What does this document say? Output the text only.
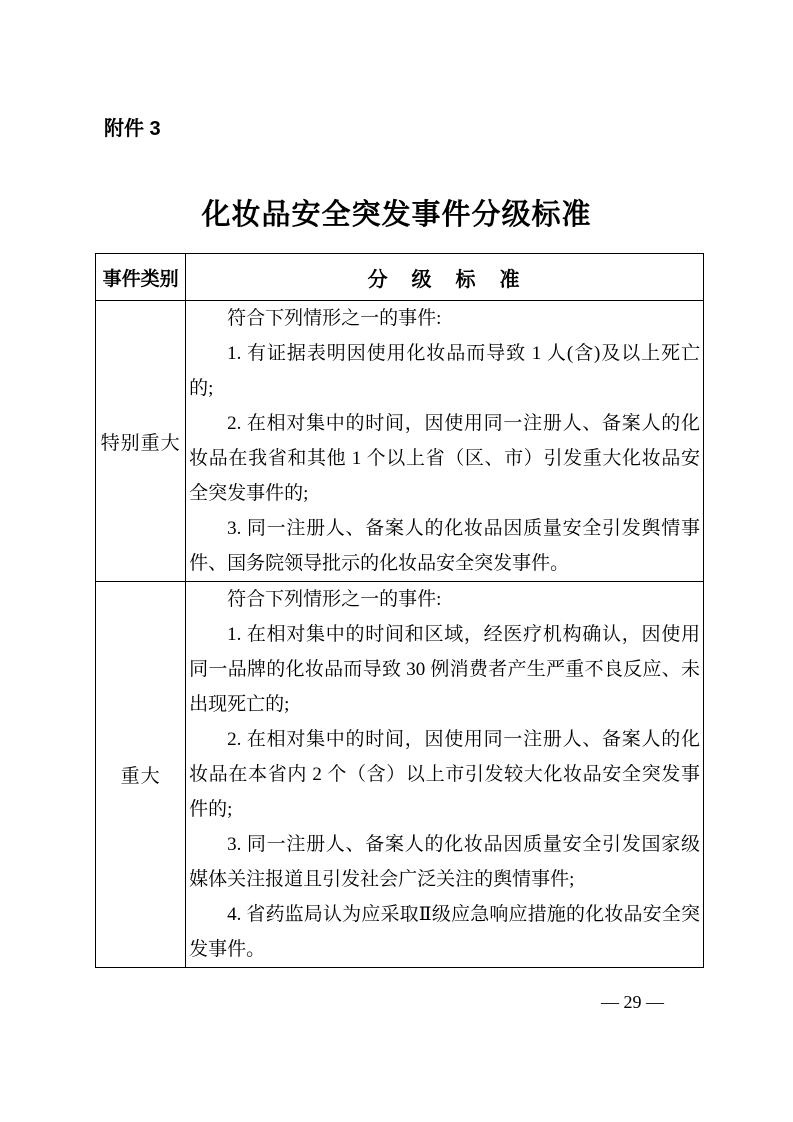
附件 3
化妆品安全突发事件分级标准
事件类别	分　级　标　准
特别重大	符合下列情形之一的事件:

1. 有证据表明因使用化妆品而导致 1 人(含)及以上死亡的;

2. 在相对集中的时间，因使用同一注册人、备案人的化妆品在我省和其他 1 个以上省（区、市）引发重大化妆品安全突发事件的;

3. 同一注册人、备案人的化妆品因质量安全引发舆情事件、国务院领导批示的化妆品安全突发事件。

重大	符合下列情形之一的事件:

1. 在相对集中的时间和区域，经医疗机构确认，因使用同一品牌的化妆品而导致 30 例消费者产生严重不良反应、未出现死亡的;

2. 在相对集中的时间，因使用同一注册人、备案人的化妆品在本省内 2 个（含）以上市引发较大化妆品安全突发事件的;

3. 同一注册人、备案人的化妆品因质量安全引发国家级媒体关注报道且引发社会广泛关注的舆情事件;

4. 省药监局认为应采取Ⅱ级应急响应措施的化妆品安全突发事件。

— 29 —
